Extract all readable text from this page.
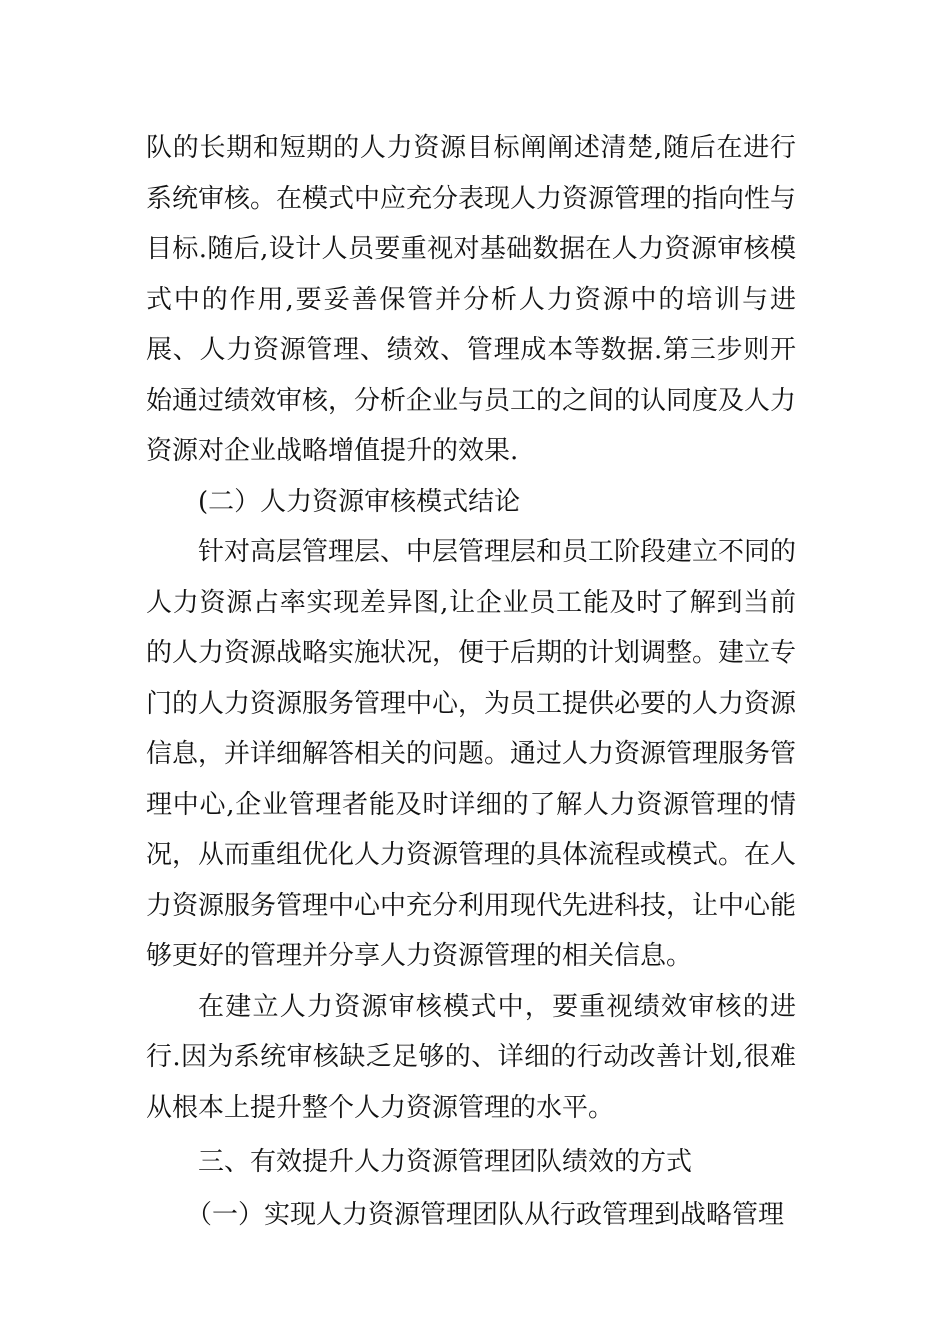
队的长期和短期的人力资源目标阐阐述清楚,随后在进行系统审核。在模式中应充分表现人力资源管理的指向性与目标.随后,设计人员要重视对基础数据在人力资源审核模式中的作用,要妥善保管并分析人力资源中的培训与进展、人力资源管理、绩效、管理成本等数据.第三步则开始通过绩效审核，分析企业与员工的之间的认同度及人力资源对企业战略增值提升的效果.

(二）人力资源审核模式结论

针对高层管理层、中层管理层和员工阶段建立不同的人力资源占率实现差异图,让企业员工能及时了解到当前的人力资源战略实施状况，便于后期的计划调整。建立专门的人力资源服务管理中心，为员工提供必要的人力资源信息，并详细解答相关的问题。通过人力资源管理服务管理中心,企业管理者能及时详细的了解人力资源管理的情况，从而重组优化人力资源管理的具体流程或模式。在人力资源服务管理中心中充分利用现代先进科技，让中心能够更好的管理并分享人力资源管理的相关信息。

在建立人力资源审核模式中，要重视绩效审核的进行.因为系统审核缺乏足够的、详细的行动改善计划,很难从根本上提升整个人力资源管理的水平。

三、有效提升人力资源管理团队绩效的方式

（一）实现人力资源管理团队从行政管理到战略管理
